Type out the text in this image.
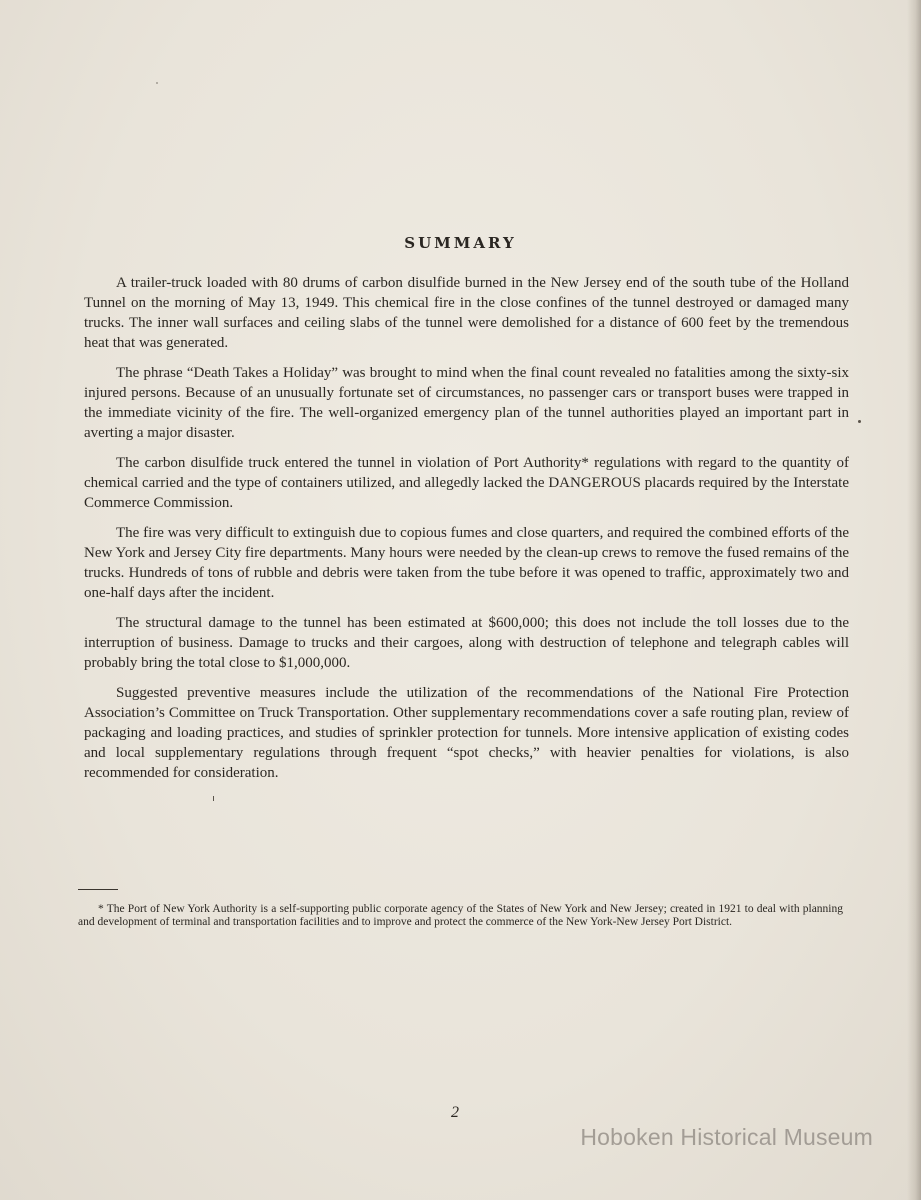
SUMMARY

A trailer-truck loaded with 80 drums of carbon disulfide burned in the New Jersey end of the south tube of the Holland Tunnel on the morning of May 13, 1949. This chemical fire in the close confines of the tunnel destroyed or damaged many trucks. The inner wall surfaces and ceiling slabs of the tunnel were demolished for a distance of 600 feet by the tremendous heat that was generated.

The phrase “Death Takes a Holiday” was brought to mind when the final count revealed no fatalities among the sixty-six injured persons. Because of an unusually fortunate set of circumstances, no passenger cars or transport buses were trapped in the immediate vicinity of the fire. The well-organized emergency plan of the tunnel authorities played an important part in averting a major disaster.

The carbon disulfide truck entered the tunnel in violation of Port Authority* regulations with regard to the quantity of chemical carried and the type of containers utilized, and allegedly lacked the DANGEROUS placards required by the Interstate Commerce Commission.

The fire was very difficult to extinguish due to copious fumes and close quarters, and required the combined efforts of the New York and Jersey City fire departments. Many hours were needed by the clean-up crews to remove the fused remains of the trucks. Hundreds of tons of rubble and debris were taken from the tube before it was opened to traffic, approximately two and one-half days after the incident.

The structural damage to the tunnel has been estimated at $600,000; this does not include the toll losses due to the interruption of business. Damage to trucks and their cargoes, along with destruction of telephone and telegraph cables will probably bring the total close to $1,000,000.

Suggested preventive measures include the utilization of the recommendations of the National Fire Protection Association’s Committee on Truck Transportation. Other supplementary recommendations cover a safe routing plan, review of packaging and loading practices, and studies of sprinkler protection for tunnels. More intensive application of existing codes and local supplementary regulations through frequent “spot checks,” with heavier penalties for violations, is also recommended for consideration.

* The Port of New York Authority is a self-supporting public corporate agency of the States of New York and New Jersey; created in 1921 to deal with planning and development of terminal and transportation facilities and to improve and protect the commerce of the New York-New Jersey Port District.
2
Hoboken Historical Museum
